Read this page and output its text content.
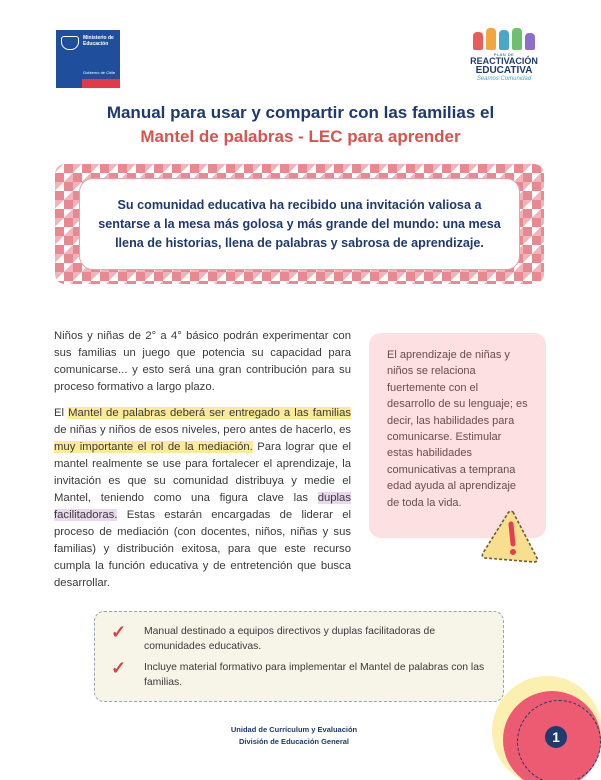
Ministerio de
Educación
Gobierno de Chile
PLAN DE
REACTIVACIÓN
EDUCATIVA
Seamos Comunidad
Manual para usar y compartir con las familias el
Mantel de palabras - LEC para aprender
Su comunidad educativa ha recibido una invitación valiosa a sentarse a la mesa más golosa y más grande del mundo: una mesa llena de historias, llena de palabras y sabrosa de aprendizaje.

Niños y niñas de 2° a 4° básico podrán experimentar con sus familias un juego que potencia su capacidad para comunicarse... y esto será una gran contribución para su proceso formativo a largo plazo.

El Mantel de palabras deberá ser entregado a las familias de niñas y niños de esos niveles, pero antes de hacerlo, es muy importante el rol de la mediación. Para lograr que el mantel realmente se use para fortalecer el aprendizaje, la invitación es que su comunidad distribuya y medie el Mantel, teniendo como una figura clave las duplas facilitadoras. Estas estarán encargadas de liderar el proceso de mediación (con docentes, niños, niñas y sus familias) y distribución exitosa, para que este recurso cumpla la función educativa y de entretención que busca desarrollar.

El aprendizaje de niñas y niños se relaciona fuertemente con el desarrollo de su lenguaje; es decir, las habilidades para comunicarse. Estimular estas habilidades comunicativas a temprana edad ayuda al aprendizaje de toda la vida.
✓	Manual destinado a equipos directivos y duplas facilitadoras de comunidades educativas.
✓	Incluye material formativo para implementar el Mantel de palabras con las familias.
Unidad de Currículum y Evaluación
División de Educación General	1
